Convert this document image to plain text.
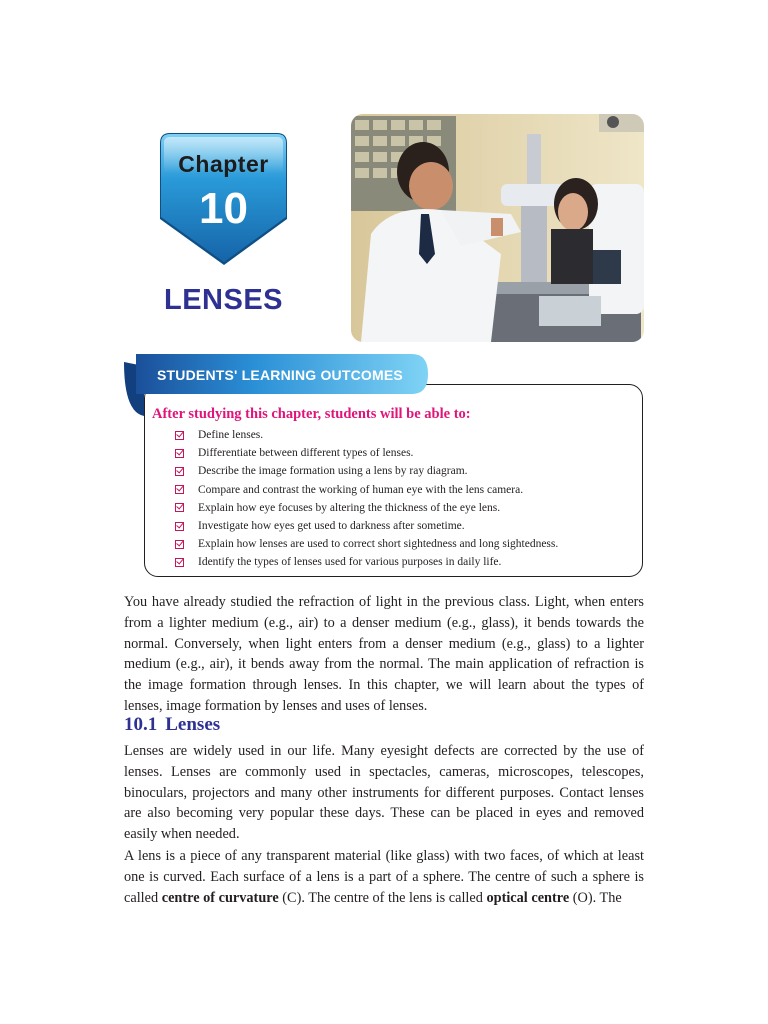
Chapter
10
LENSES
STUDENTS' LEARNING OUTCOMES
After studying this chapter, students will be able to:
Define lenses.
Differentiate between different types of lenses.
Describe the image formation using a lens by ray diagram.
Compare and contrast the working of human eye with the lens camera.
Explain how eye focuses by altering the thickness of the eye lens.
Investigate how eyes get used to darkness after sometime.
Explain how lenses are used to correct short sightedness and long sightedness.
Identify the types of lenses used for various purposes in daily life.

You have already studied the refraction of light in the previous class. Light, when enters from a lighter medium (e.g., air) to a denser medium (e.g., glass), it bends towards the normal. Conversely, when light enters from a denser medium (e.g., glass) to a lighter medium (e.g., air), it bends away from the normal. The main application of refraction is the image formation through lenses. In this chapter, we will learn about the types of lenses, image formation by lenses and uses of lenses.

10.1 Lenses

Lenses are widely used in our life. Many eyesight defects are corrected by the use of lenses. Lenses are commonly used in spectacles, cameras, microscopes, telescopes, binoculars, projectors and many other instruments for different purposes. Contact lenses are also becoming very popular these days. These can be placed in eyes and removed easily when needed.

A lens is a piece of any transparent material (like glass) with two faces, of which at least one is curved. Each surface of a lens is a part of a sphere. The centre of such a sphere is called centre of curvature (C). The centre of the lens is called optical centre (O). The
